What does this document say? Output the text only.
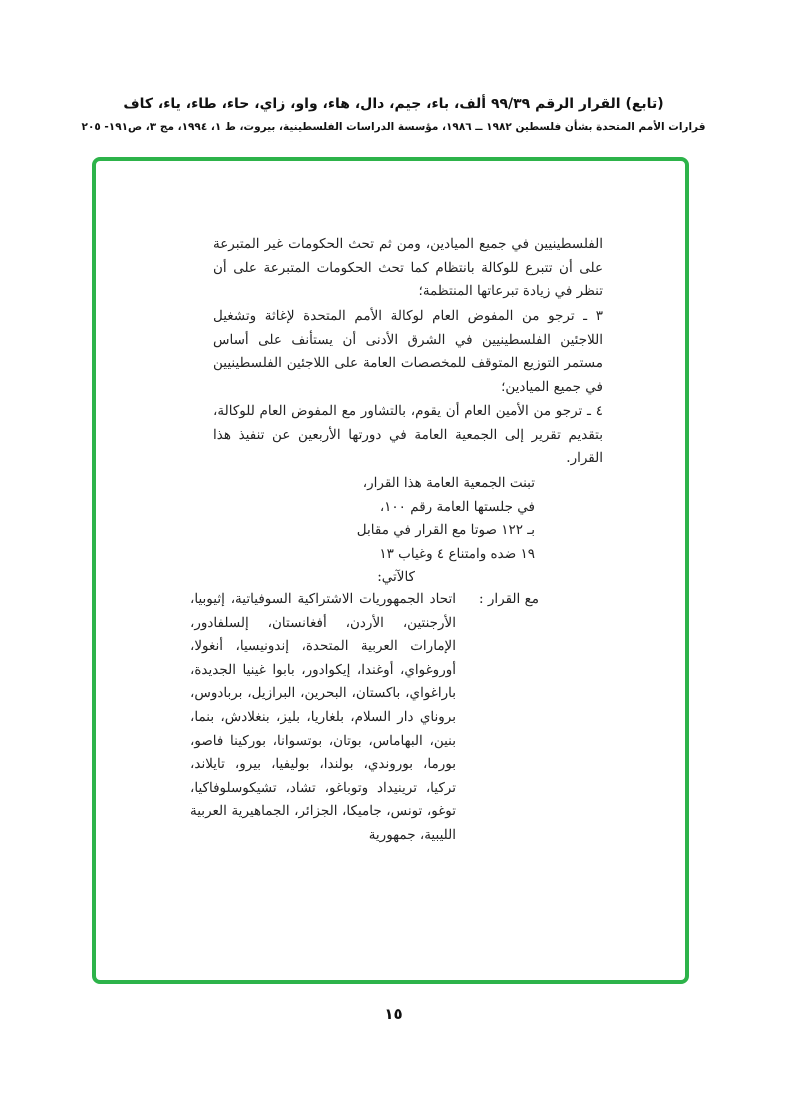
(تابع) القرار الرقم ٩٩/٣٩ ألف، باء، جيم، دال، هاء، واو، زاي، حاء، طاء، ياء، كاف
قرارات الأمم المتحدة بشأن فلسطين ١٩٨٢ ــ ١٩٨٦، مؤسسة الدراسات الفلسطينية، بيروت، ط ١، ١٩٩٤، مج ٣، ص١٩١- ٢٠٥
الفلسطينيين في جميع الميادين، ومن ثم تحث الحكومات غير المتبرعة على أن تتبرع للوكالة بانتظام كما تحث الحكومات المتبرعة على أن تنظر في زيادة تبرعاتها المنتظمة؛
٣ ـ ترجو من المفوض العام لوكالة الأمم المتحدة لإغاثة وتشغيل اللاجئين الفلسطينيين في الشرق الأدنى أن يستأنف على أساس مستمر التوزيع المتوقف للمخصصات العامة على اللاجئين الفلسطينيين في جميع الميادين؛
٤ ـ ترجو من الأمين العام أن يقوم، بالتشاور مع المفوض العام للوكالة، بتقديم تقرير إلى الجمعية العامة في دورتها الأربعين عن تنفيذ هذا القرار.
تبنت الجمعية العامة هذا القرار،
في جلستها العامة رقم ١٠٠،
بـ ١٢٢ صوتا مع القرار في مقابل
١٩ ضده وامتناع ٤ وغياب ١٣
كالآتي:
مع القرار :
اتحاد الجمهوريات الاشتراكية السوفياتية، إثيوبيا، الأرجنتين، الأردن، أفغانستان، إلسلفادور، الإمارات العربية المتحدة، إندونيسيا، أنغولا، أوروغواي، أوغندا، إيكوادور، بابوا غينيا الجديدة، باراغواي، باكستان، البحرين، البرازيل، بربادوس، بروناي دار السلام، بلغاريا، بليز، بنغلادش، بنما، بنين، البهاماس، بوتان، بوتسوانا، بوركينا فاصو، بورما، بوروندي، بولندا، بوليفيا، بيرو، تايلاند، تركيا، ترينيداد وتوباغو، تشاد، تشيكوسلوفاكيا، توغو، تونس، جاميكا، الجزائر، الجماهيرية العربية الليبية، جمهورية
١٥
